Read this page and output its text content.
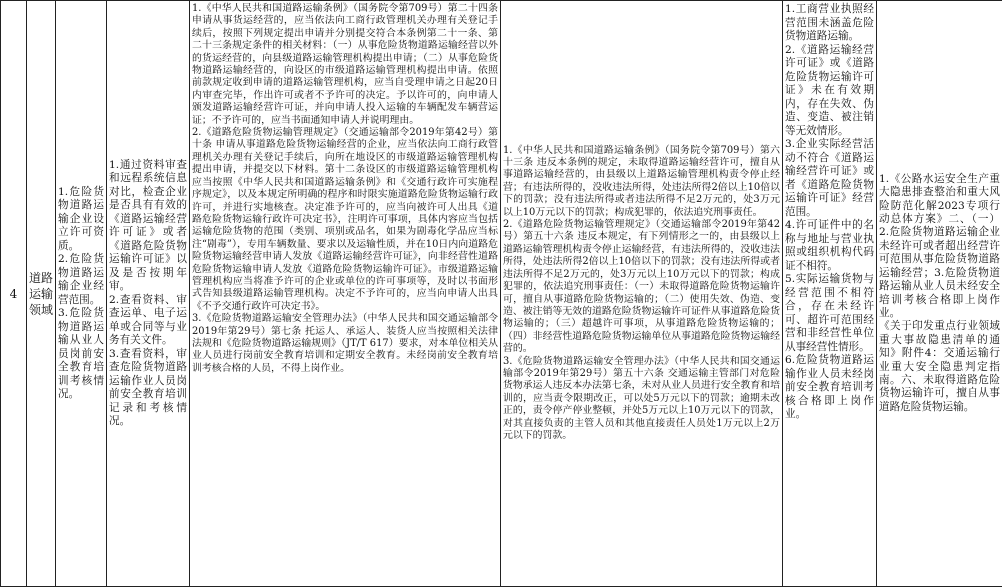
4	道路运输领域	
1.危险货物道路运输企业设立许可资质。
2.危险货物道路运输企业经营范围。
3.危险货物道路运输从业人员岗前安全教育培训考核情况。

1.通过资料审查和远程系统信息对比，检查企业是否具有有效的《道路运输经营许可证》或者《道路危险货物运输许可证》以及是否按期年审。
2.查看资料、审查运单、电子运单或合同等与业务有关文件。
3.查看资料，审查危险货物道路运输作业人员岗前安全教育培训记录和考核情况。

1.《中华人民共和国道路运输条例》（国务院令第709号）第二十四条 申请从事货运经营的，应当依法向工商行政管理机关办理有关登记手续后，按照下列规定提出申请并分别提交符合本条例第二十一条、第二十三条规定条件的相关材料：（一）从事危险货物道路运输经营以外的货运经营的，向县级道路运输管理机构提出申请；（二）从事危险货物道路运输经营的，向设区的市级道路运输管理机构提出申请。依照前款规定收到申请的道路运输管理机构，应当自受理申请之日起20日内审查完毕，作出许可或者不予许可的决定。予以许可的，向申请人颁发道路运输经营许可证，并向申请人投入运输的车辆配发车辆营运证；不予许可的，应当书面通知申请人并说明理由。
2.《道路危险货物运输管理规定》（交通运输部令2019年第42号）第十条 申请从事道路危险货物运输经营的企业，应当依法向工商行政管理机关办理有关登记手续后，向所在地设区的市级道路运输管理机构提出申请，并提交以下材料。第十二条设区的市级道路运输管理机构应当按照《中华人民共和国道路运输条例》和《交通行政许可实施程序规定》，以及本规定所明确的程序和时限实施道路危险货物运输行政许可，并进行实地核查。决定准予许可的，应当向被许可人出具《道路危险货物运输行政许可决定书》，注明许可事项，具体内容应当包括运输危险货物的范围（类别、项别或品名，如果为剧毒化学品应当标注“剧毒”），专用车辆数量、要求以及运输性质，并在10日内向道路危险货物运输经营申请人发放《道路运输经营许可证》，向非经营性道路危险货物运输申请人发放《道路危险货物运输许可证》。市级道路运输管理机构应当将准予许可的企业或单位的许可事项等，及时以书面形式告知县级道路运输管理机构。决定不予许可的，应当向申请人出具《不予交通行政许可决定书》。
3.《危险货物道路运输安全管理办法》（中华人民共和国交通运输部令2019年第29号）第七条 托运人、承运人、装货人应当按照相关法律法规和《危险货物道路运输规则》（JT/T 617）要求，对本单位相关从业人员进行岗前安全教育培训和定期安全教育。未经岗前安全教育培训考核合格的人员，不得上岗作业。

1.《中华人民共和国道路运输条例》（国务院令第709号）第六十三条 违反本条例的规定，未取得道路运输经营许可，擅自从事道路运输经营的，由县级以上道路运输管理机构责令停止经营；有违法所得的，没收违法所得，处违法所得2倍以上10倍以下的罚款；没有违法所得或者违法所得不足2万元的，处3万元以上10万元以下的罚款；构成犯罪的，依法追究刑事责任。
2.《道路危险货物运输管理规定》（交通运输部令2019年第42号）第五十六条 违反本规定，有下列情形之一的，由县级以上道路运输管理机构责令停止运输经营，有违法所得的，没收违法所得，处违法所得2倍以上10倍以下的罚款；没有违法所得或者违法所得不足2万元的，处3万元以上10万元以下的罚款；构成犯罪的，依法追究刑事责任：（一）未取得道路危险货物运输许可，擅自从事道路危险货物运输的；（二）使用失效、伪造、变造、被注销等无效的道路危险货物运输许可证件从事道路危险货物运输的；（三）超越许可事项，从事道路危险货物运输的；（四）非经营性道路危险货物运输单位从事道路危险货物运输经营的。
3.《危险货物道路运输安全管理办法》（中华人民共和国交通运输部令2019年第29号）第五十六条 交通运输主管部门对危险货物承运人违反本办法第七条，未对从业人员进行安全教育和培训的，应当责令限期改正，可以处5万元以下的罚款；逾期未改正的，责令停产停业整顿，并处5万元以上10万元以下的罚款，对其直接负责的主管人员和其他直接责任人员处1万元以上2万元以下的罚款。

1.工商营业执照经营范围未涵盖危险货物道路运输。
2.《道路运输经营许可证》或《道路危险货物运输许可证》未在有效期内，存在失效、伪造、变造、被注销等无效情形。
3.企业实际经营活动不符合《道路运输经营许可证》或者《道路危险货物运输许可证》经营范围。
4.许可证件中的名称与地址与营业执照或组织机构代码证不相符。
5.实际运输货物与经营范围不相符合，存在未经许可、超许可范围经营和非经营性单位从事经营性情形。
6.危险货物道路运输作业人员未经岗前安全教育培训考核合格即上岗作业。

1.《公路水运安全生产重大隐患排查整治和重大风险防范化解2023专项行动总体方案》二、（一）2.危险货物道路运输企业未经许可或者超出经营许可范围从事危险货物道路运输经营；3.危险货物道路运输从业人员未经安全培训考核合格即上岗作业。
《关于印发重点行业领域重大事故隐患清单的通知》附件4：交通运输行业重大安全隐患判定指南。六、未取得道路危险货物运输许可，擅自从事道路危险货物运输。
